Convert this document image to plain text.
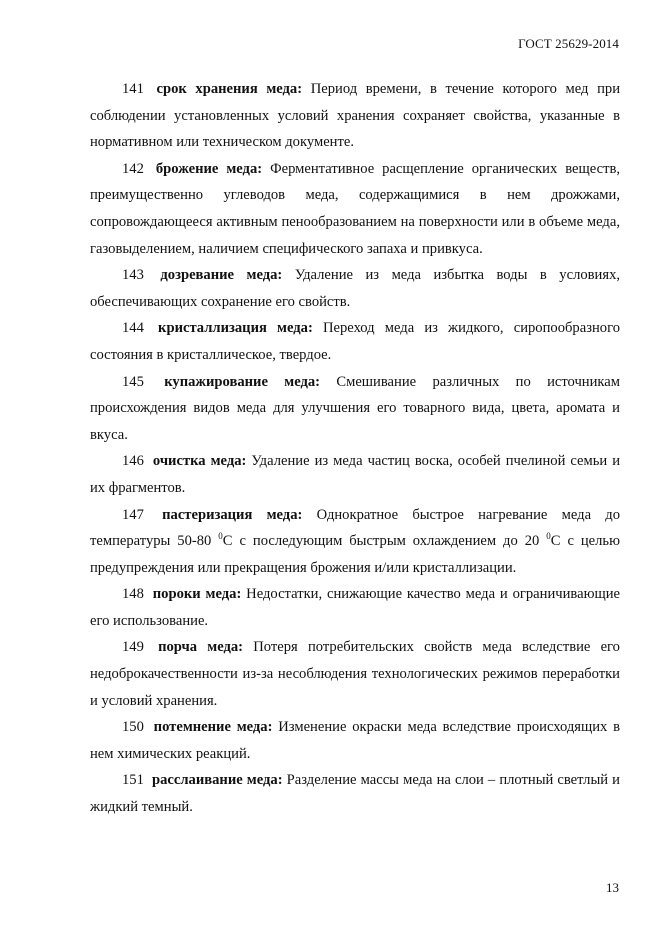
ГОСТ 25629-2014

141 срок хранения меда: Период времени, в течение которого мед при соблюдении установленных условий хранения сохраняет свойства, указанные в нормативном или техническом документе.

142 брожение меда: Ферментативное расщепление органических веществ, преимущественно углеводов меда, содержащимися в нем дрожжами, сопровождающееся активным пенообразованием на поверхности или в объеме меда, газовыделением, наличием специфического запаха и привкуса.

143 дозревание меда: Удаление из меда избытка воды в условиях, обеспечивающих сохранение его свойств.

144 кристаллизация меда: Переход меда из жидкого, сиропообразного состояния в кристаллическое, твердое.

145 купажирование меда: Смешивание различных по источникам происхождения видов меда для улучшения его товарного вида, цвета, аромата и вкуса.

146 очистка меда: Удаление из меда частиц воска, особей пчелиной семьи и их фрагментов.

147 пастеризация меда: Однократное быстрое нагревание меда до температуры 50-80 $^0$C с последующим быстрым охлаждением до 20 $^0$C с целью предупреждения или прекращения брожения и/или кристаллизации.

148 пороки меда: Недостатки, снижающие качество меда и ограничивающие его использование.

149 порча меда: Потеря потребительских свойств меда вследствие его недоброкачественности из-за несоблюдения технологических режимов переработки и условий хранения.

150 потемнение меда: Изменение окраски меда вследствие происходящих в нем химических реакций.

151 расслаивание меда: Разделение массы меда на слои – плотный светлый и жидкий темный.

13
